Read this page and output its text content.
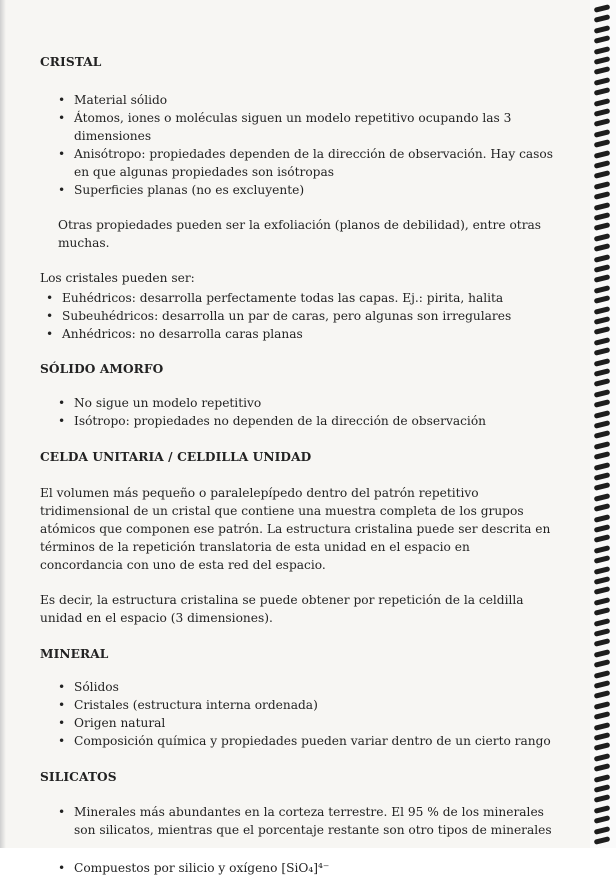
CRISTAL
• Material sólido
• Átomos, iones o moléculas siguen un modelo repetitivo ocupando las 3 dimensiones
• Anisótropo: propiedades dependen de la dirección de observación. Hay casos en que algunas propiedades son isótropas
• Superficies planas (no es excluyente)

Otras propiedades pueden ser la exfoliación (planos de debilidad), entre otras muchas.

Los cristales pueden ser:

• Euhédricos: desarrolla perfectamente todas las capas. Ej.: pirita, halita
• Subeuhédricos: desarrolla un par de caras, pero algunas son irregulares
• Anhédricos: no desarrolla caras planas
SÓLIDO AMORFO
• No sigue un modelo repetitivo
• Isótropo: propiedades no dependen de la dirección de observación
CELDA UNITARIA / CELDILLA UNIDAD

El volumen más pequeño o paralelepípedo dentro del patrón repetitivo tridimensional de un cristal que contiene una muestra completa de los grupos atómicos que componen ese patrón. La estructura cristalina puede ser descrita en términos de la repetición translatoria de esta unidad en el espacio en concordancia con uno de esta red del espacio.

Es decir, la estructura cristalina se puede obtener por repetición de la celdilla unidad en el espacio (3 dimensiones).

MINERAL
• Sólidos
• Cristales (estructura interna ordenada)
• Origen natural
• Composición química y propiedades pueden variar dentro de un cierto rango
SILICATOS
• Minerales más abundantes en la corteza terrestre. El 95 % de los minerales son silicatos, mientras que el porcentaje restante son otro tipos de minerales
• Compuestos por silicio y oxígeno [SiO₄]⁴⁻
